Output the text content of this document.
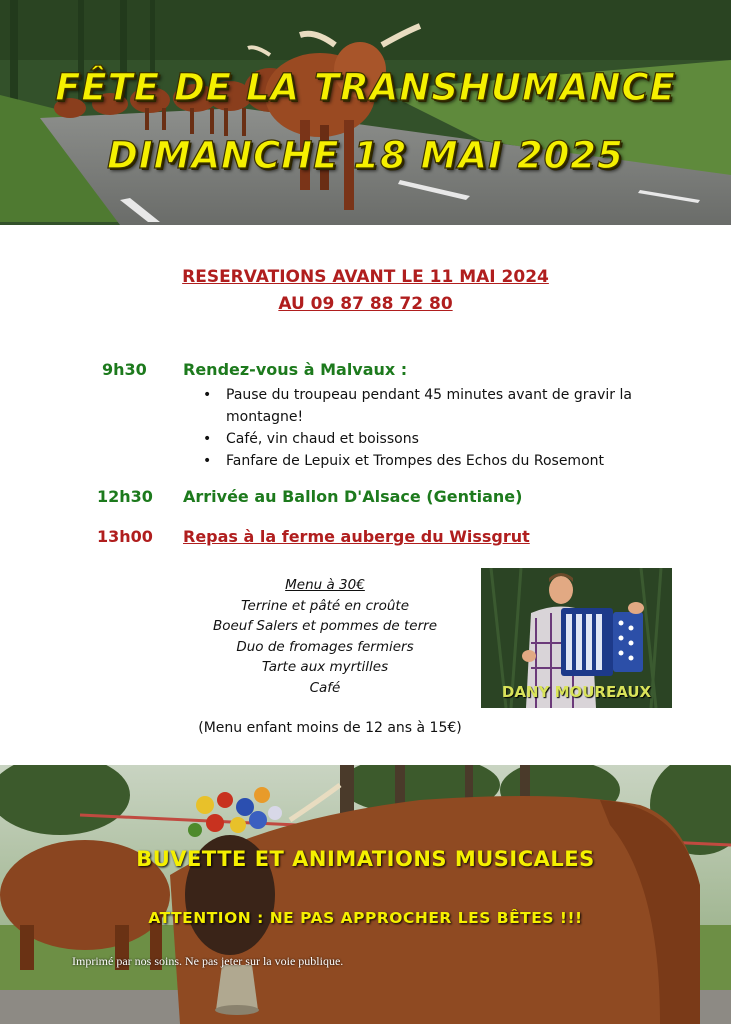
FÊTE DE LA TRANSHUMANCE
DIMANCHE 18 MAI 2025
RESERVATIONS AVANT LE 11 MAI 2024
AU 09 87 88 72 80
9h30 Rendez-vous à Malvaux :
• Pause du troupeau pendant 45 minutes avant de gravir la montagne!
• Café, vin chaud et boissons
• Fanfare de Lepuix et Trompes des Echos du Rosemont
12h30 Arrivée au Ballon D'Alsace (Gentiane)
13h00 Repas à la ferme auberge du Wissgrut
Menu à 30€
Terrine et pâté en croûte
Boeuf Salers et pommes de terre
Duo de fromages fermiers
Tarte aux myrtilles
Café	DANY MOUREAUX
(Menu enfant moins de 12 ans à 15€)
BUVETTE ET ANIMATIONS MUSICALES
ATTENTION : NE PAS APPROCHER LES BÊTES !!!
Imprimé par nos soins. Ne pas jeter sur la voie publique.
